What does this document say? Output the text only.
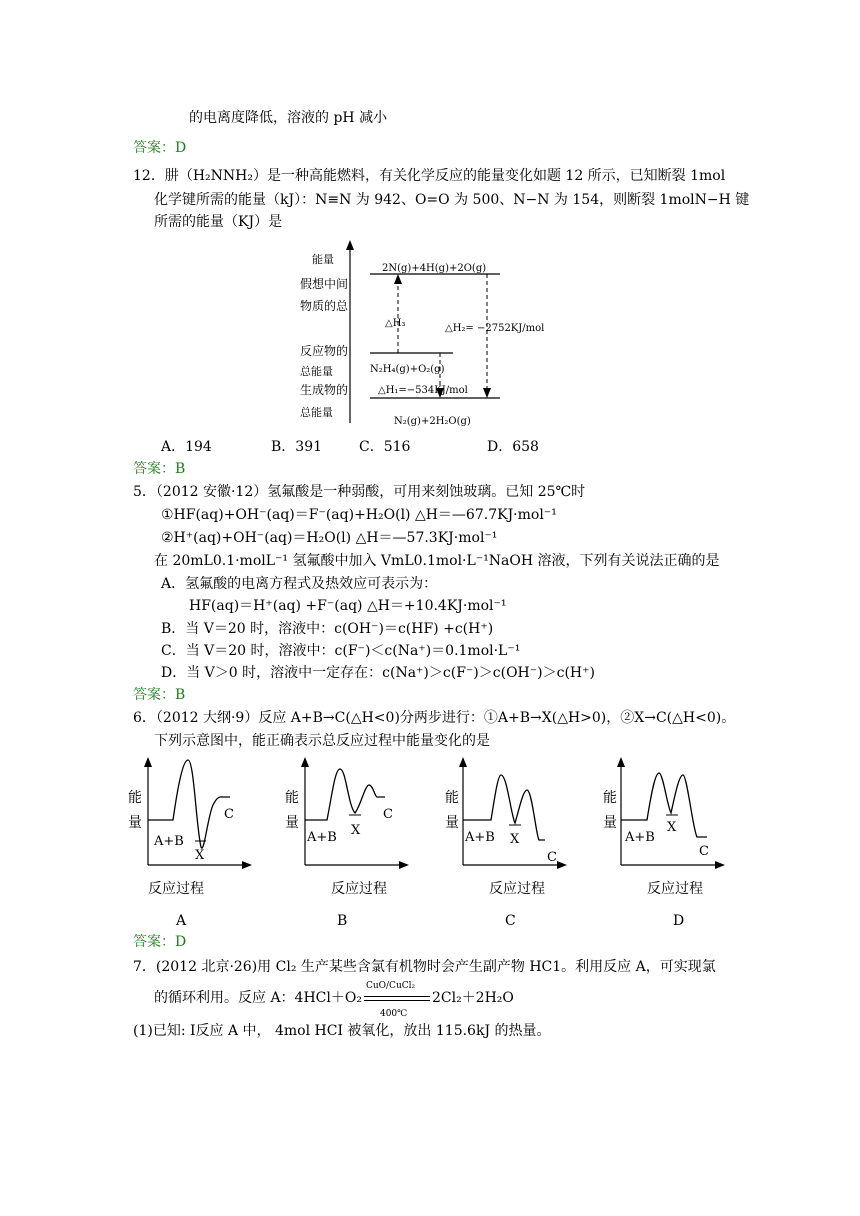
的电离度降低，溶液的 pH 减小
答案：D
12．肼（H₂NNH₂）是一种高能燃料，有关化学反应的能量变化如题 12 所示，已知断裂 1mol
化学键所需的能量（kJ）：N≡N 为 942、O=O 为 500、N−N 为 154，则断裂 1molN−H 键
所需的能量（KJ）是
能量
假想中间
物质的总
反应物的
总能量
生成物的
总能量
2N(g)+4H(g)+2O(g)
N₂H₄(g)+O₂(g)
N₂(g)+2H₂O(g)
△H₃	△H₂= −2752KJ/mol
△H₁=−534KJ/mol
A．194	B．391	C．516	D．658
答案：B
5．（2012 安徽·12）氢氟酸是一种弱酸，可用来刻蚀玻璃。已知 25℃时
①HF(aq)+OH⁻(aq)＝F⁻(aq)+H₂O(l) △H＝—67.7KJ·mol⁻¹
②H⁺(aq)+OH⁻(aq)＝H₂O(l) △H＝—57.3KJ·mol⁻¹
在 20mL0.1·molL⁻¹ 氢氟酸中加入 VmL0.1mol·L⁻¹NaOH 溶液，下列有关说法正确的是
A．氢氟酸的电离方程式及热效应可表示为：
HF(aq)＝H⁺(aq) +F⁻(aq) △H＝+10.4KJ·mol⁻¹
B．当 V＝20 时，溶液中：c(OH⁻)＝c(HF) +c(H⁺)
C．当 V＝20 时，溶液中：c(F⁻)＜c(Na⁺)＝0.1mol·L⁻¹
D．当 V＞0 时，溶液中一定存在：c(Na⁺)＞c(F⁻)＞c(OH⁻)＞c(H⁺)
答案：B
6．（2012 大纲·9）反应 A+B→C(△H<0)分两步进行：①A+B→X(△H>0)，②X→C(△H<0)。
下列示意图中，能正确表示总反应过程中能量变化的是
能
量
A+B
X
C
反应过程
A
能
量
A+B X
C
反应过程
B
能
量
A+B X
C
反应过程
C
能
量
A+B
X
C
反应过程
D
答案：D
7．(2012 北京·26)用 Cl₂ 生产某些含氯有机物时会产生副产物 HC1。利用反应 A，可实现氯
的循环利用。反应 A：4HCl＋O₂
CuO/CuCl₂
400℃
2Cl₂＋2H₂O
(1)已知: Ⅰ反应 A 中， 4mol HCI 被氧化，放出 115.6kJ 的热量。
